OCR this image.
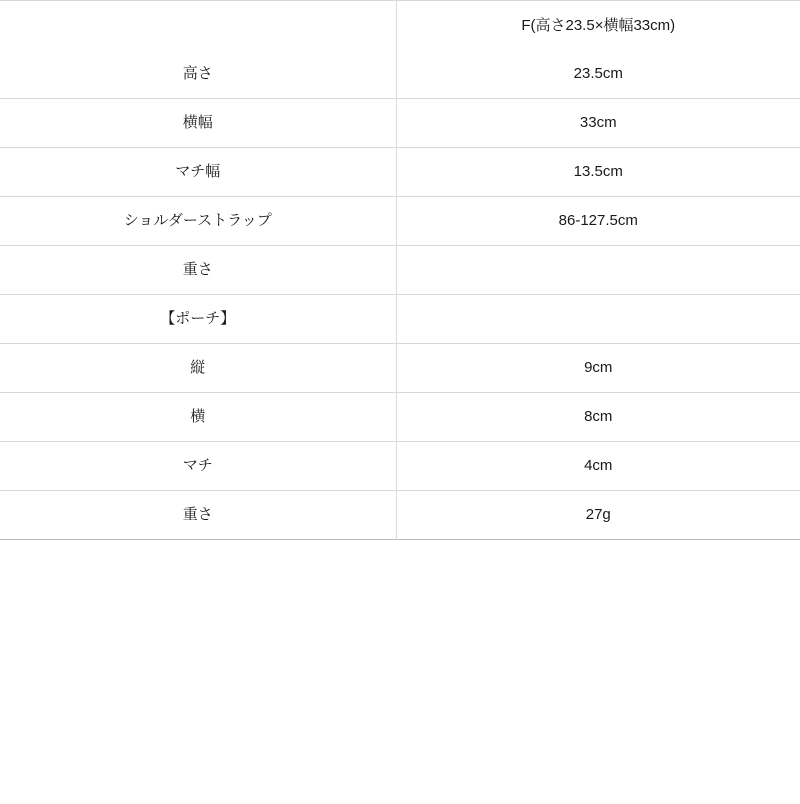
	F(高さ23.5×横幅33cm)
高さ	23.5cm
横幅	33cm
マチ幅	13.5cm
ショルダーストラップ	86-127.5cm
重さ	
【ポーチ】	
縦	9cm
横	8cm
マチ	4cm
重さ	27g
